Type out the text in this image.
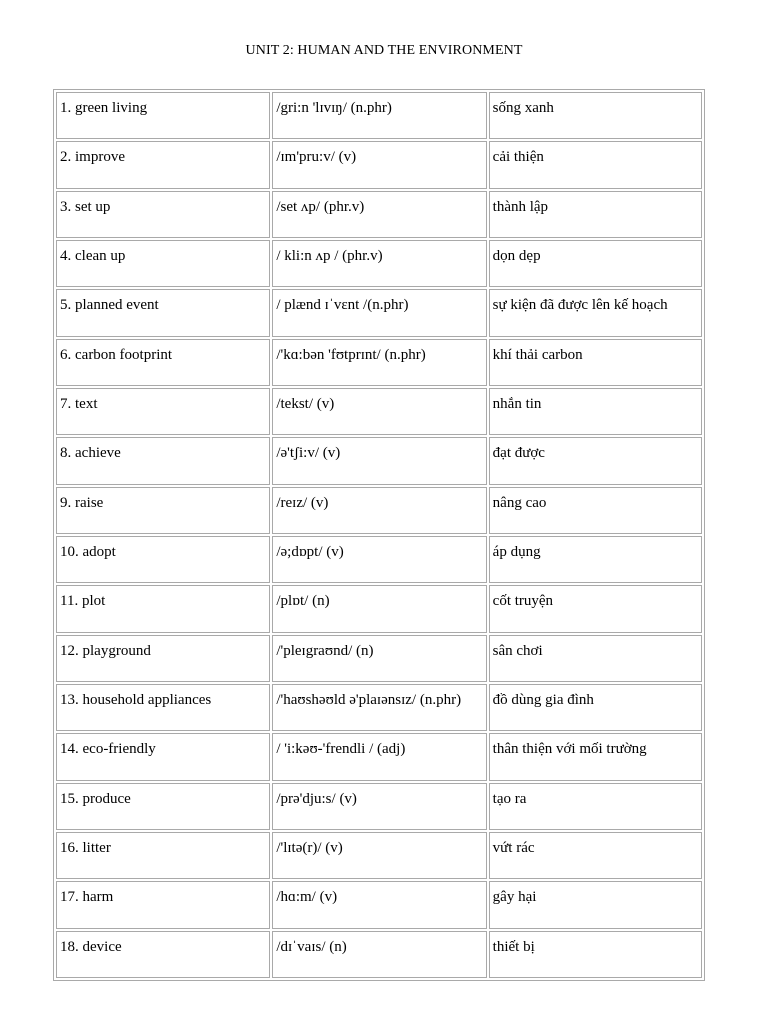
UNIT 2: HUMAN AND THE ENVIRONMENT
1. green living	/gri:n 'lɪvɪŋ/ (n.phr)	sống xanh
2. improve	/ɪm'pru:v/ (v)	cải thiện
3. set up	/set ʌp/ (phr.v)	thành lập
4. clean up	/ kli:n ʌp / (phr.v)	dọn dẹp
5. planned event	/ plænd ɪˈvɛnt /(n.phr)	sự kiện đã được lên kế hoạch
6. carbon footprint	/'kɑ:bən 'fʊtprɪnt/ (n.phr)	khí thải carbon
7. text	/tekst/ (v)	nhắn tin
8. achieve	/ə'tʃi:v/ (v)	đạt được
9. raise	/reɪz/ (v)	nâng cao
10. adopt	/ə;dɒpt/ (v)	áp dụng
11. plot	/plɒt/ (n)	cốt truyện
12. playground	/'pleɪgraʊnd/ (n)	sân chơi
13. household appliances	/'haʊshəʊld ə'plaɪənsɪz/ (n.phr)	đồ dùng gia đình
14. eco-friendly	/ 'i:kəʊ-'frendli / (adj)	thân thiện với mối trường
15. produce	/prə'dju:s/ (v)	tạo ra
16. litter	/'lɪtə(r)/ (v)	vứt rác
17. harm	/hɑ:m/ (v)	gây hại
18. device	/dɪˈvaɪs/ (n)	thiết bị
